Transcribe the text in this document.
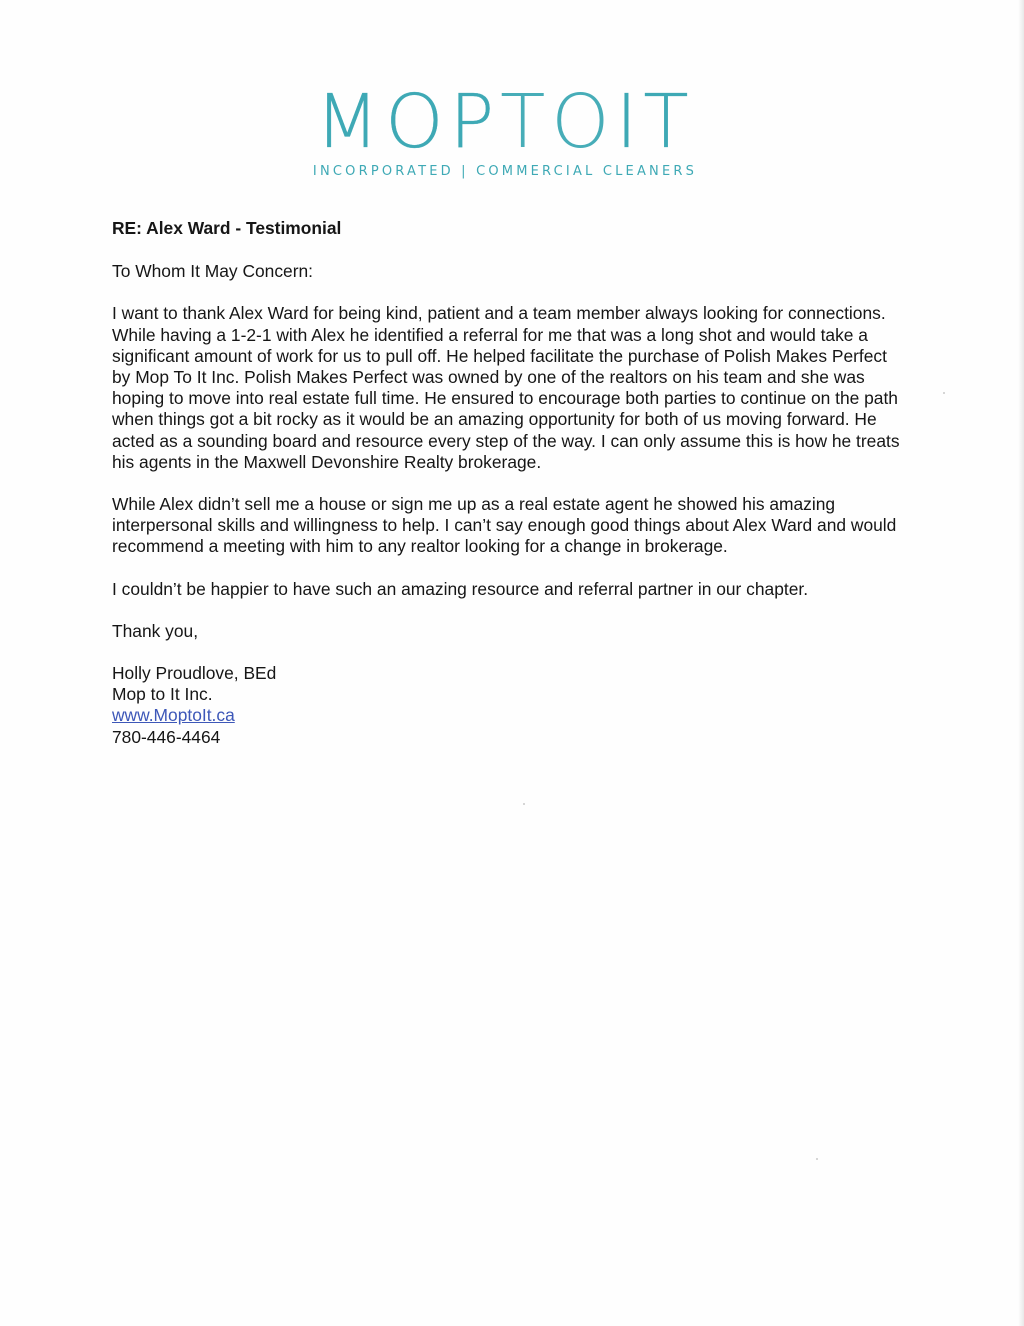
MOPTOIT
INCORPORATED | COMMERCIAL CLEANERS

RE: Alex Ward - Testimonial

To Whom It May Concern:

I want to thank Alex Ward for being kind, patient and a team member always looking for connections. While having a 1-2-1 with Alex he identified a referral for me that was a long shot and would take a significant amount of work for us to pull off. He helped facilitate the purchase of Polish Makes Perfect by Mop To It Inc. Polish Makes Perfect was owned by one of the realtors on his team and she was hoping to move into real estate full time. He ensured to encourage both parties to continue on the path when things got a bit rocky as it would be an amazing opportunity for both of us moving forward. He acted as a sounding board and resource every step of the way. I can only assume this is how he treats his agents in the Maxwell Devonshire Realty brokerage.

While Alex didn’t sell me a house or sign me up as a real estate agent he showed his amazing interpersonal skills and willingness to help. I can’t say enough good things about Alex Ward and would recommend a meeting with him to any realtor looking for a change in brokerage.

I couldn’t be happier to have such an amazing resource and referral partner in our chapter.

Thank you,

Holly Proudlove, BEd
Mop to It Inc.
www.MoptoIt.ca
780-446-4464
